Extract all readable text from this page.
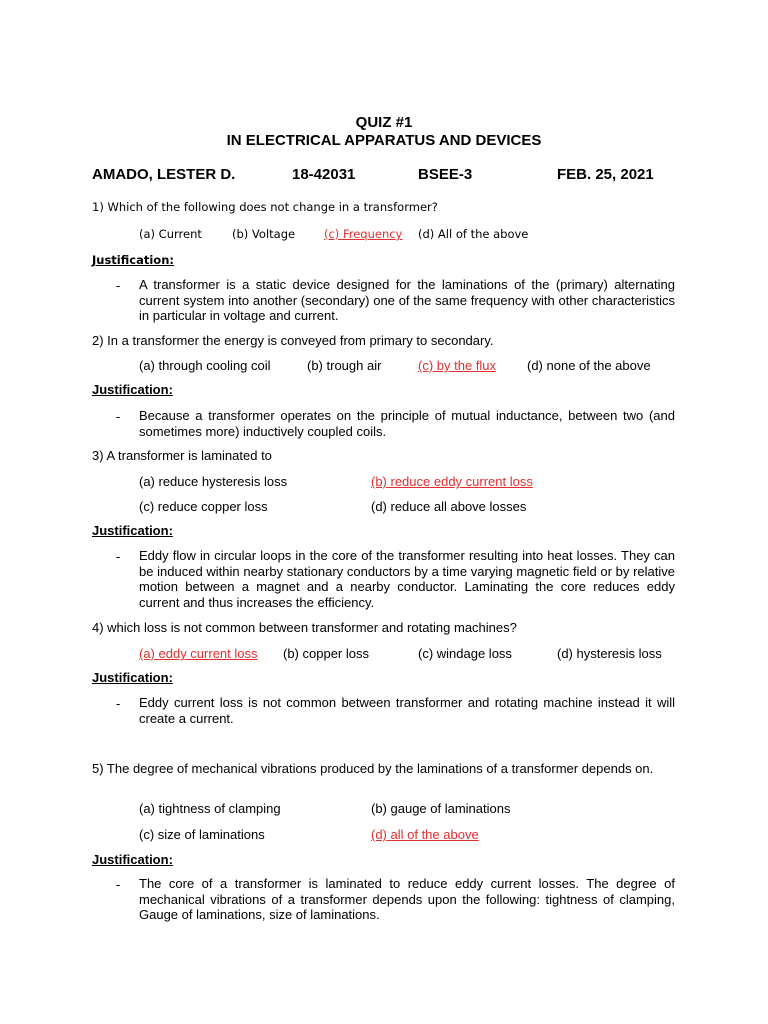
QUIZ #1
IN ELECTRICAL APPARATUS AND DEVICES
AMADO, LESTER D.	18-42031	BSEE-3	FEB. 25, 2021
1) Which of the following does not change in a transformer?
(a) Current	(b) Voltage	(c) Frequency (d) All of the above
Justification:
- A transformer is a static device designed for the laminations of the (primary) alternating current system into another (secondary) one of the same frequency with other characteristics in particular in voltage and current.
2) In a transformer the energy is conveyed from primary to secondary.
(a) through cooling coil	(b) trough air	(c) by the flux (d) none of the above
Justification:
- Because a transformer operates on the principle of mutual inductance, between two (and sometimes more) inductively coupled coils.
3) A transformer is laminated to
(a) reduce hysteresis loss	(b) reduce eddy current loss
(c) reduce copper loss	(d) reduce all above losses
Justification:
- Eddy flow in circular loops in the core of the transformer resulting into heat losses. They can be induced within nearby stationary conductors by a time varying magnetic field or by relative motion between a magnet and a nearby conductor. Laminating the core reduces eddy current and thus increases the efficiency.
4) which loss is not common between transformer and rotating machines?
(a) eddy current loss (b) copper loss	(c) windage loss	(d) hysteresis loss
Justification:
- Eddy current loss is not common between transformer and rotating machine instead it will create a current.
5) The degree of mechanical vibrations produced by the laminations of a transformer depends on.
(a) tightness of clamping	(b) gauge of laminations
(c) size of laminations	(d) all of the above
Justification:
- The core of a transformer is laminated to reduce eddy current losses. The degree of mechanical vibrations of a transformer depends upon the following: tightness of clamping, Gauge of laminations, size of laminations.
